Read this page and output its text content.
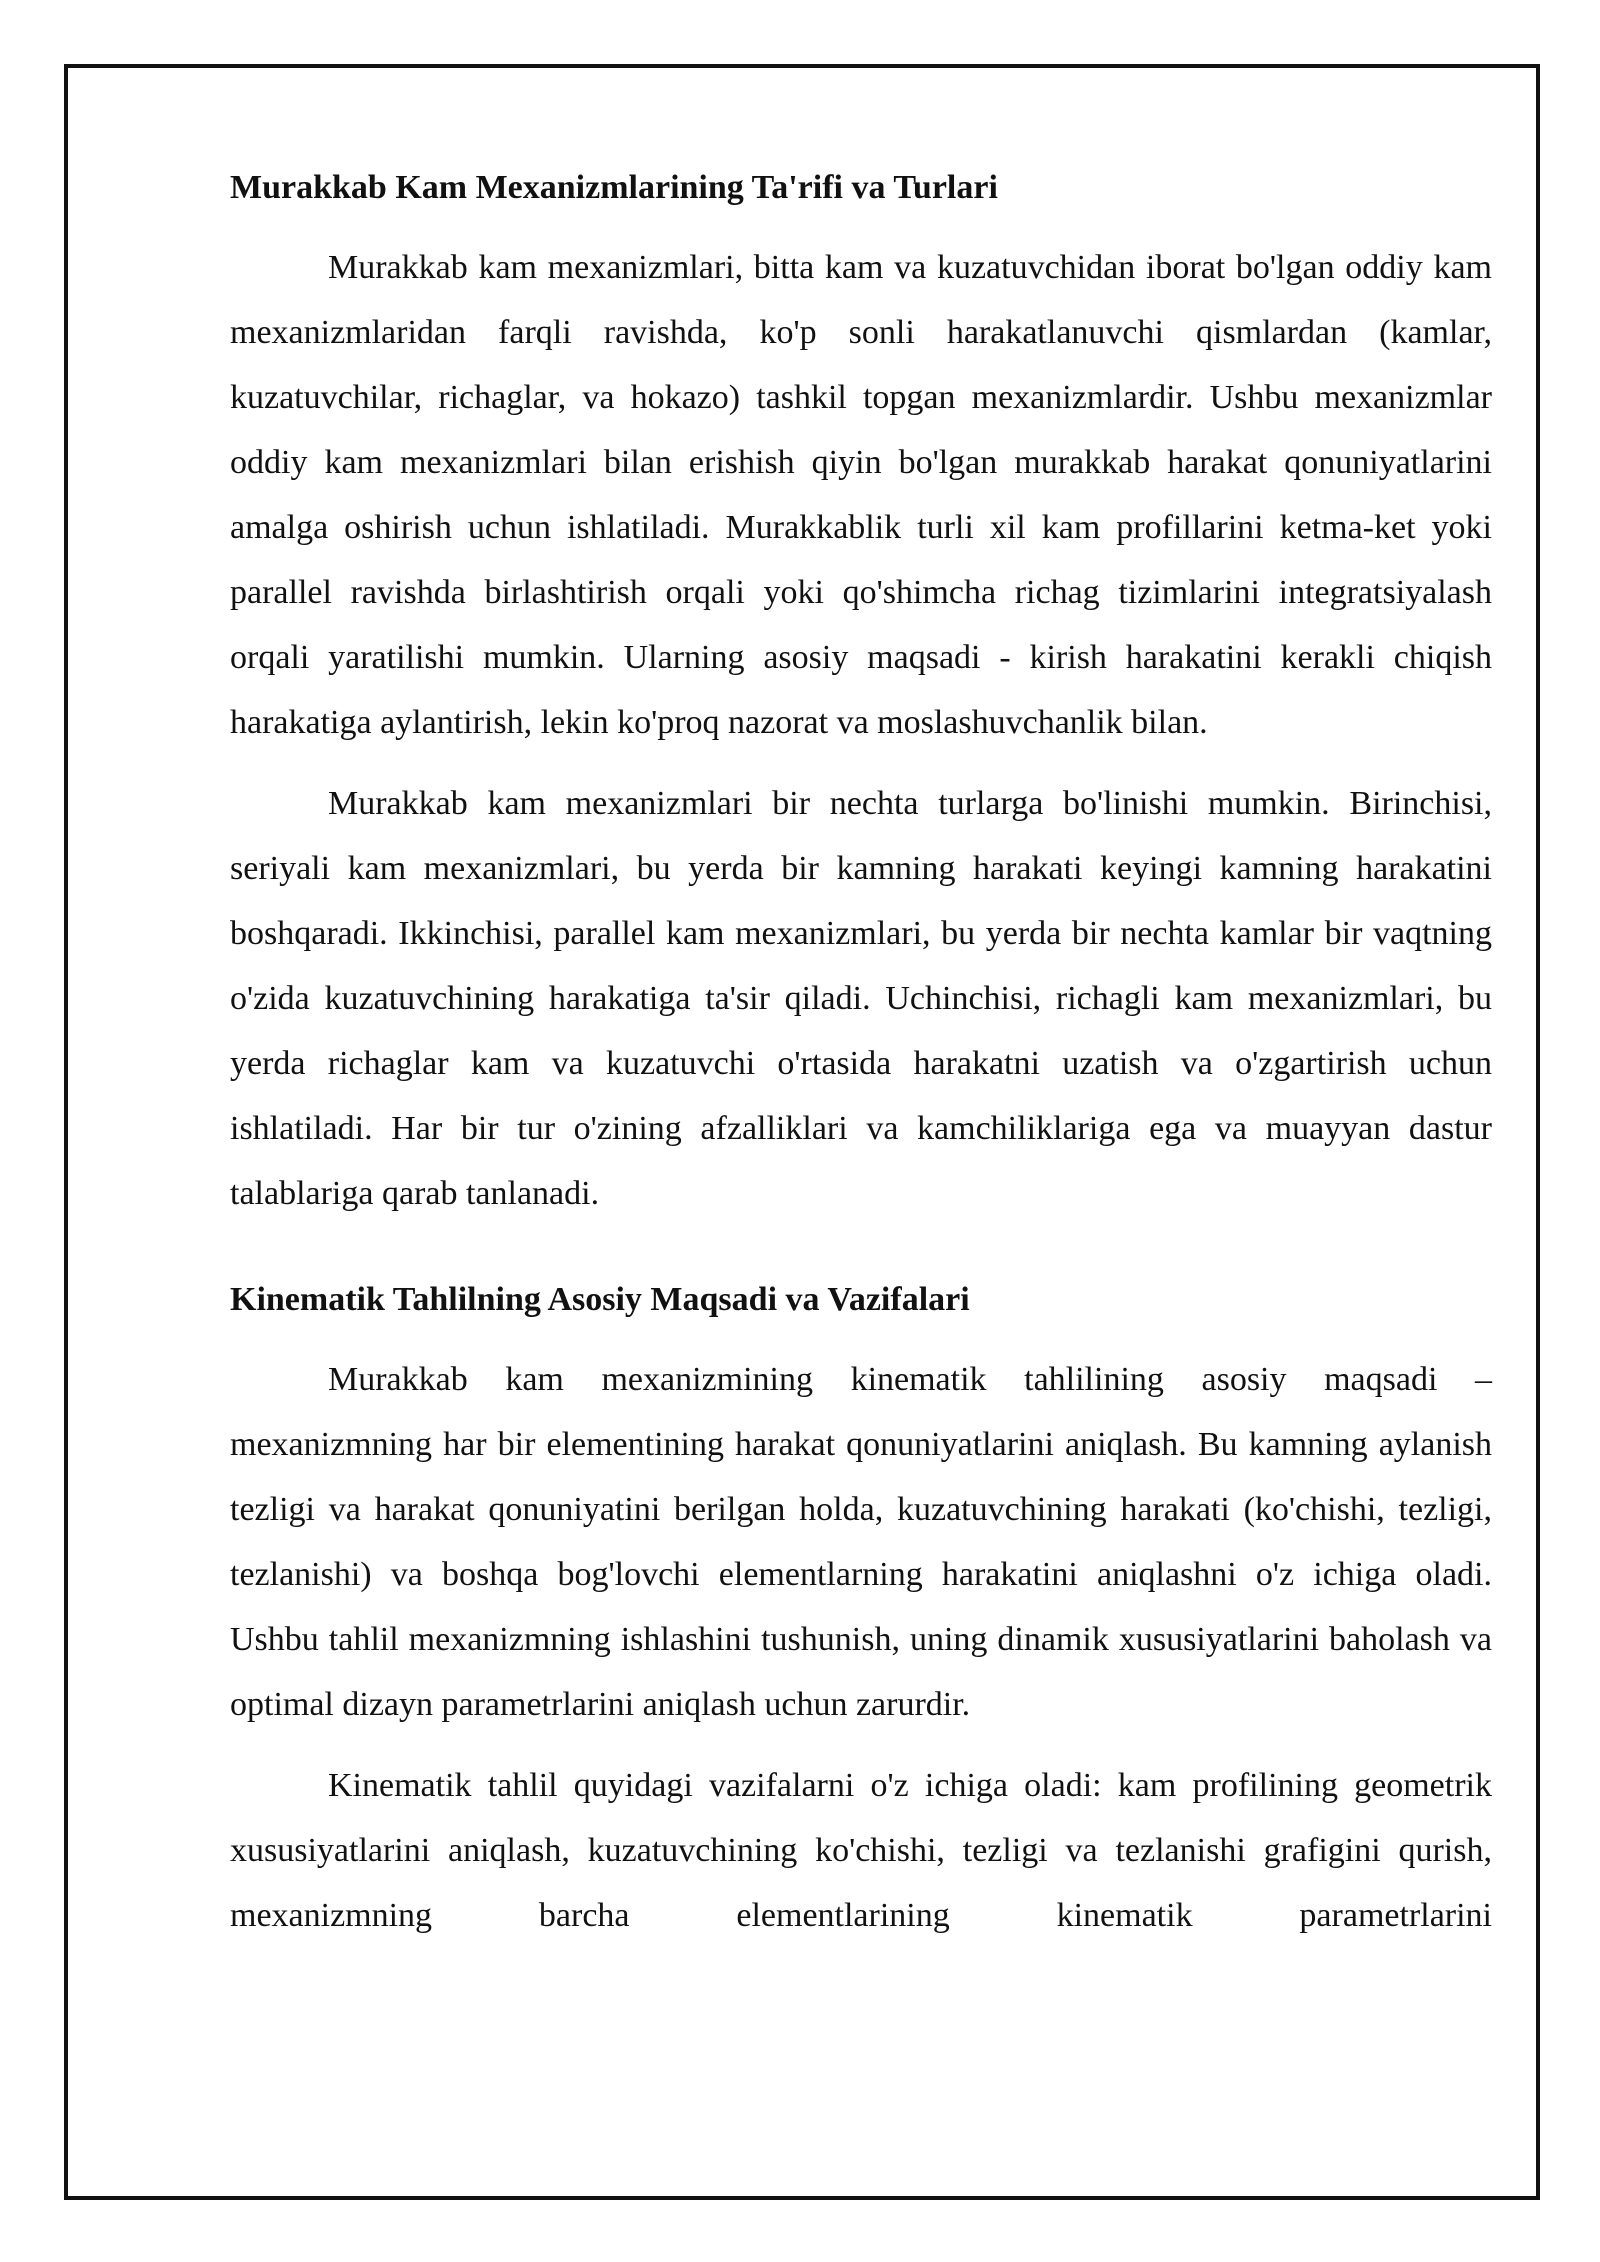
Murakkab Kam Mexanizmlarining Ta'rifi va Turlari

Murakkab kam mexanizmlari, bitta kam va kuzatuvchidan iborat bo'lgan oddiy kam mexanizmlaridan farqli ravishda, ko'p sonli harakatlanuvchi qismlardan (kamlar, kuzatuvchilar, richaglar, va hokazo) tashkil topgan mexanizmlardir. Ushbu mexanizmlar oddiy kam mexanizmlari bilan erishish qiyin bo'lgan murakkab harakat qonuniyatlarini amalga oshirish uchun ishlatiladi. Murakkablik turli xil kam profillarini ketma-ket yoki parallel ravishda birlashtirish orqali yoki qo'shimcha richag tizimlarini integratsiyalash orqali yaratilishi mumkin. Ularning asosiy maqsadi - kirish harakatini kerakli chiqish harakatiga aylantirish, lekin ko'proq nazorat va moslashuvchanlik bilan.

Murakkab kam mexanizmlari bir nechta turlarga bo'linishi mumkin. Birinchisi, seriyali kam mexanizmlari, bu yerda bir kamning harakati keyingi kamning harakatini boshqaradi. Ikkinchisi, parallel kam mexanizmlari, bu yerda bir nechta kamlar bir vaqtning o'zida kuzatuvchining harakatiga ta'sir qiladi. Uchinchisi, richagli kam mexanizmlari, bu yerda richaglar kam va kuzatuvchi o'rtasida harakatni uzatish va o'zgartirish uchun ishlatiladi. Har bir tur o'zining afzalliklari va kamchiliklariga ega va muayyan dastur talablariga qarab tanlanadi.

Kinematik Tahlilning Asosiy Maqsadi va Vazifalari

Murakkab kam mexanizmining kinematik tahlilining asosiy maqsadi – mexanizmning har bir elementining harakat qonuniyatlarini aniqlash. Bu kamning aylanish tezligi va harakat qonuniyatini berilgan holda, kuzatuvchining harakati (ko'chishi, tezligi, tezlanishi) va boshqa bog'lovchi elementlarning harakatini aniqlashni o'z ichiga oladi. Ushbu tahlil mexanizmning ishlashini tushunish, uning dinamik xususiyatlarini baholash va optimal dizayn parametrlarini aniqlash uchun zarurdir.

Kinematik tahlil quyidagi vazifalarni o'z ichiga oladi: kam profilining geometrik xususiyatlarini aniqlash, kuzatuvchining ko'chishi, tezligi va tezlanishi grafigini qurish, mexanizmning barcha elementlarining kinematik parametrlarini
